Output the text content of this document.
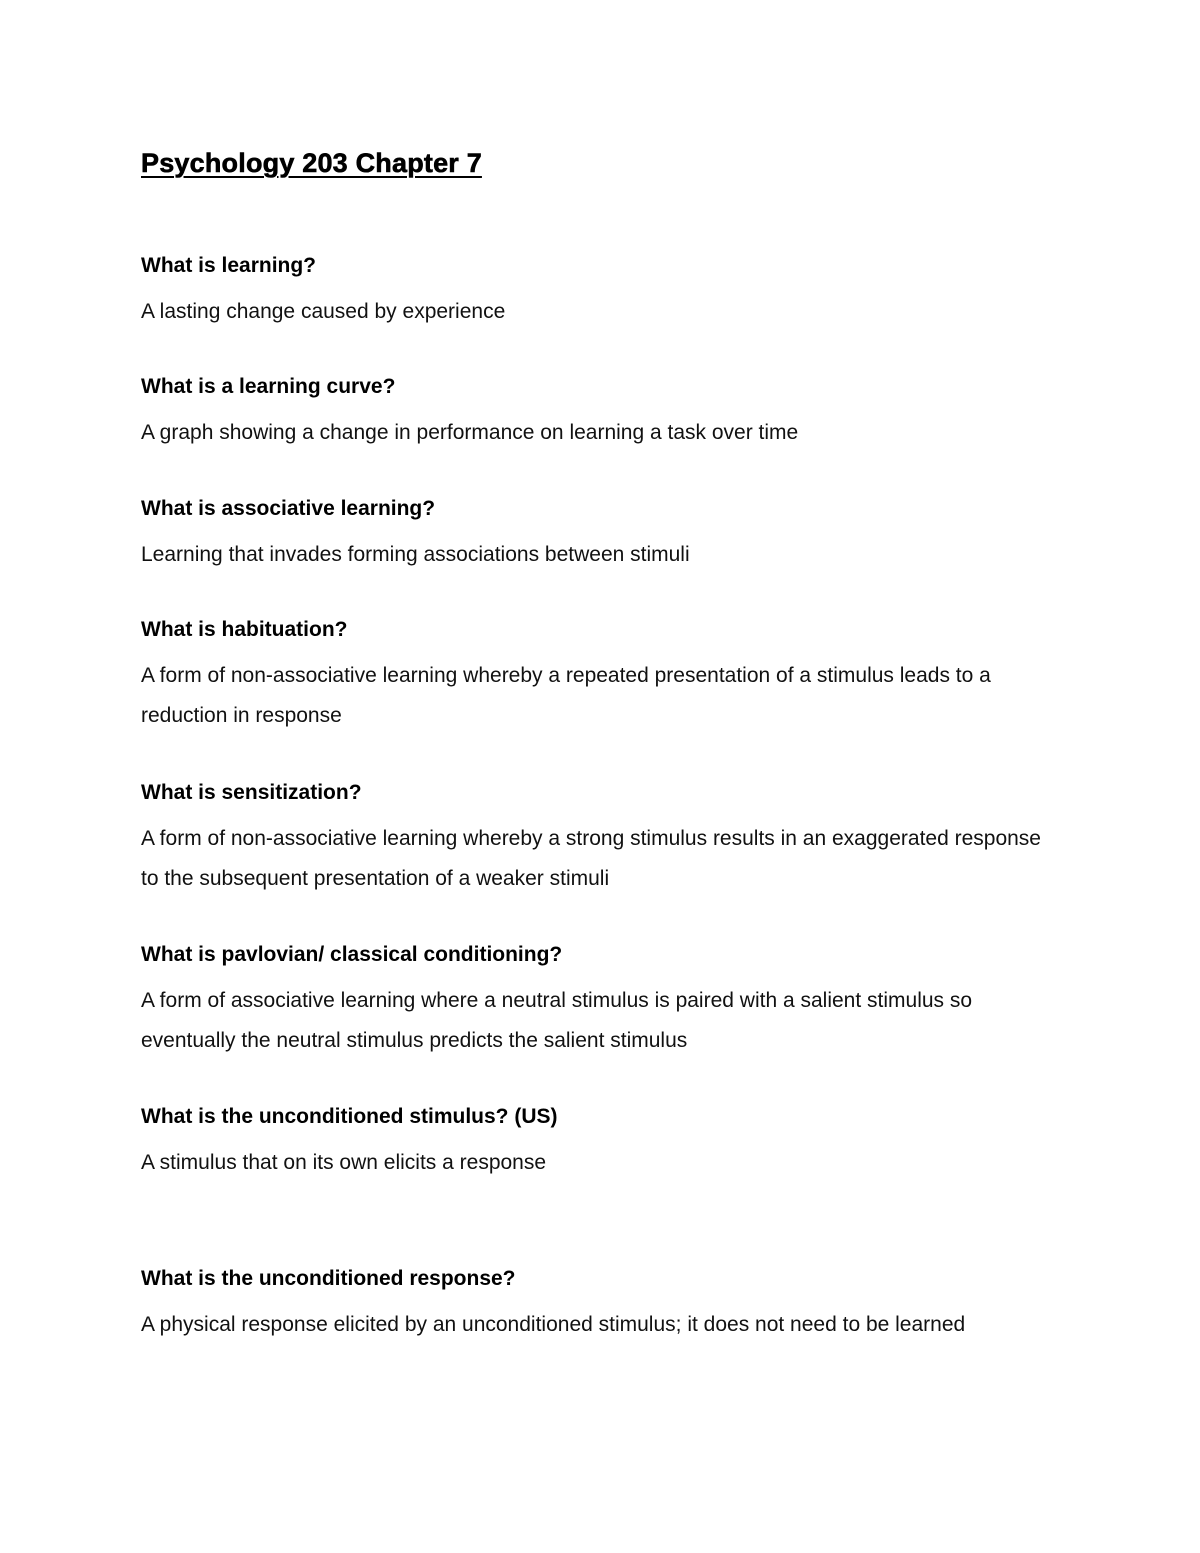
Psychology 203 Chapter 7

What is learning?

A lasting change caused by experience

What is a learning curve?

A graph showing a change in performance on learning a task over time

What is associative learning?

Learning that invades forming associations between stimuli

What is habituation?

A form of non-associative learning whereby a repeated presentation of a stimulus leads to a reduction in response

What is sensitization?

A form of non-associative learning whereby a strong stimulus results in an exaggerated response to the subsequent presentation of a weaker stimuli

What is pavlovian/ classical conditioning?

A form of associative learning where a neutral stimulus is paired with a salient stimulus so eventually the neutral stimulus predicts the salient stimulus

What is the unconditioned stimulus? (US)

A stimulus that on its own elicits a response

What is the unconditioned response?

A physical response elicited by an unconditioned stimulus; it does not need to be learned
